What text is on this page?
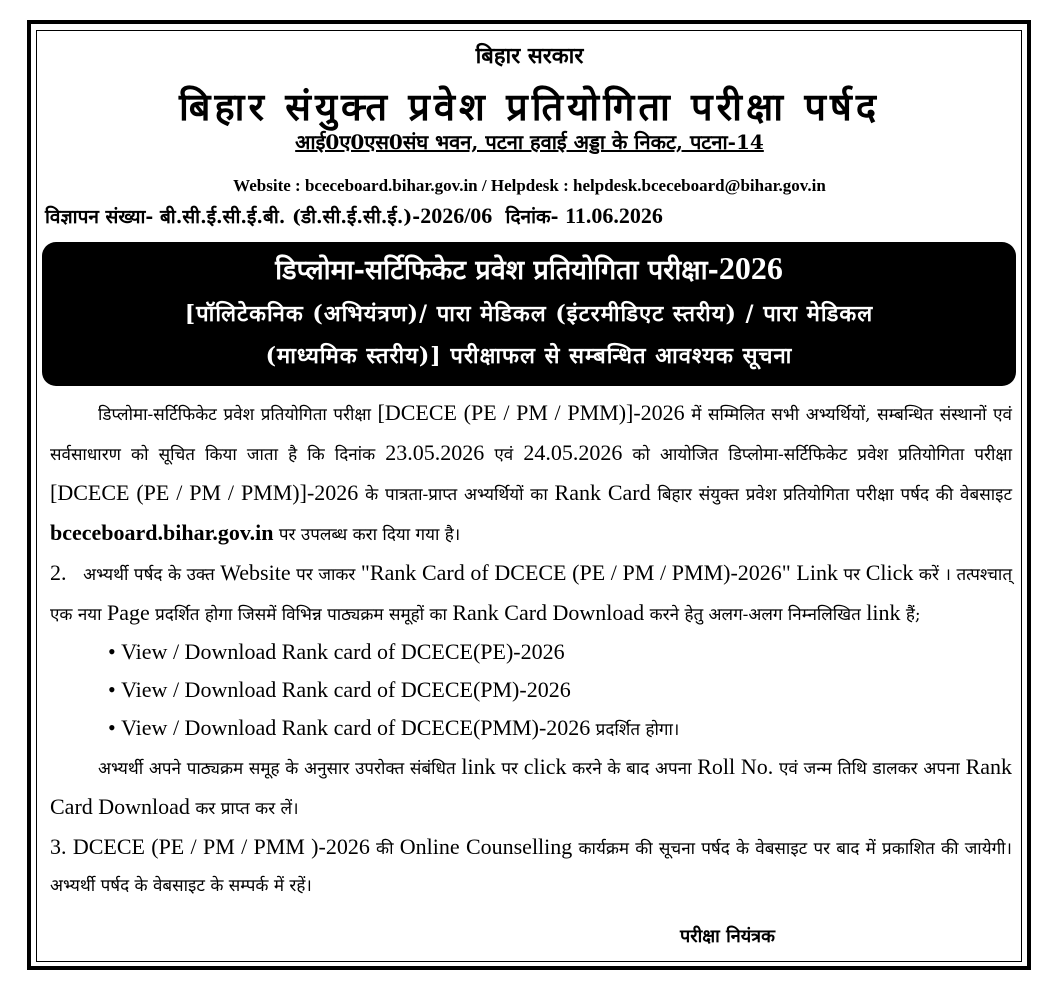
बिहार सरकार
बिहार संयुक्त प्रवेश प्रतियोगिता परीक्षा पर्षद
आई0ए0एस0संघ भवन, पटना हवाई अड्डा के निकट, पटना-14
Website : bceceboard.bihar.gov.in / Helpdesk : helpdesk.bceceboard@bihar.gov.in
विज्ञापन संख्या- बी.सी.ई.सी.ई.बी. (डी.सी.ई.सी.ई.)-2026/06 दिनांक- 11.06.2026
डिप्लोमा-सर्टिफिकेट प्रवेश प्रतियोगिता परीक्षा-2026
[पॉलिटेकनिक (अभियंत्रण)/ पारा मेडिकल (इंटरमीडिएट स्तरीय) / पारा मेडिकल
(माध्यमिक स्तरीय)] परीक्षाफल से सम्बन्धित आवश्यक सूचना

डिप्लोमा-सर्टिफिकेट प्रवेश प्रतियोगिता परीक्षा [DCECE (PE / PM / PMM)]-2026 में सम्मिलित सभी अभ्यर्थियों, सम्बन्धित संस्थानों एवं सर्वसाधारण को सूचित किया जाता है कि दिनांक 23.05.2026 एवं 24.05.2026 को आयोजित डिप्लोमा-सर्टिफिकेट प्रवेश प्रतियोगिता परीक्षा [DCECE (PE / PM / PMM)]-2026 के पात्रता-प्राप्त अभ्यर्थियों का Rank Card बिहार संयुक्त प्रवेश प्रतियोगिता परीक्षा पर्षद की वेबसाइट bceceboard.bihar.gov.in पर उपलब्ध करा दिया गया है।

2.   अभ्यर्थी पर्षद के उक्त Website पर जाकर "Rank Card of DCECE (PE / PM / PMM)-2026" Link पर Click करें । तत्पश्चात् एक नया Page प्रदर्शित होगा जिसमें विभिन्न पाठ्यक्रम समूहों का Rank Card Download करने हेतु अलग-अलग निम्नलिखित link हैं;

• View / Download Rank card of DCECE(PE)-2026
• View / Download Rank card of DCECE(PM)-2026
• View / Download Rank card of DCECE(PMM)-2026 प्रदर्शित होगा।

अभ्यर्थी अपने पाठ्यक्रम समूह के अनुसार उपरोक्त संबंधित link पर click करने के बाद अपना Roll No. एवं जन्म तिथि डालकर अपना Rank Card Download कर प्राप्त कर लें।

3. DCECE (PE / PM / PMM )-2026 की Online Counselling कार्यक्रम की सूचना पर्षद के वेबसाइट पर बाद में प्रकाशित की जायेगी। अभ्यर्थी पर्षद के वेबसाइट के सम्पर्क में रहें।

परीक्षा नियंत्रक
